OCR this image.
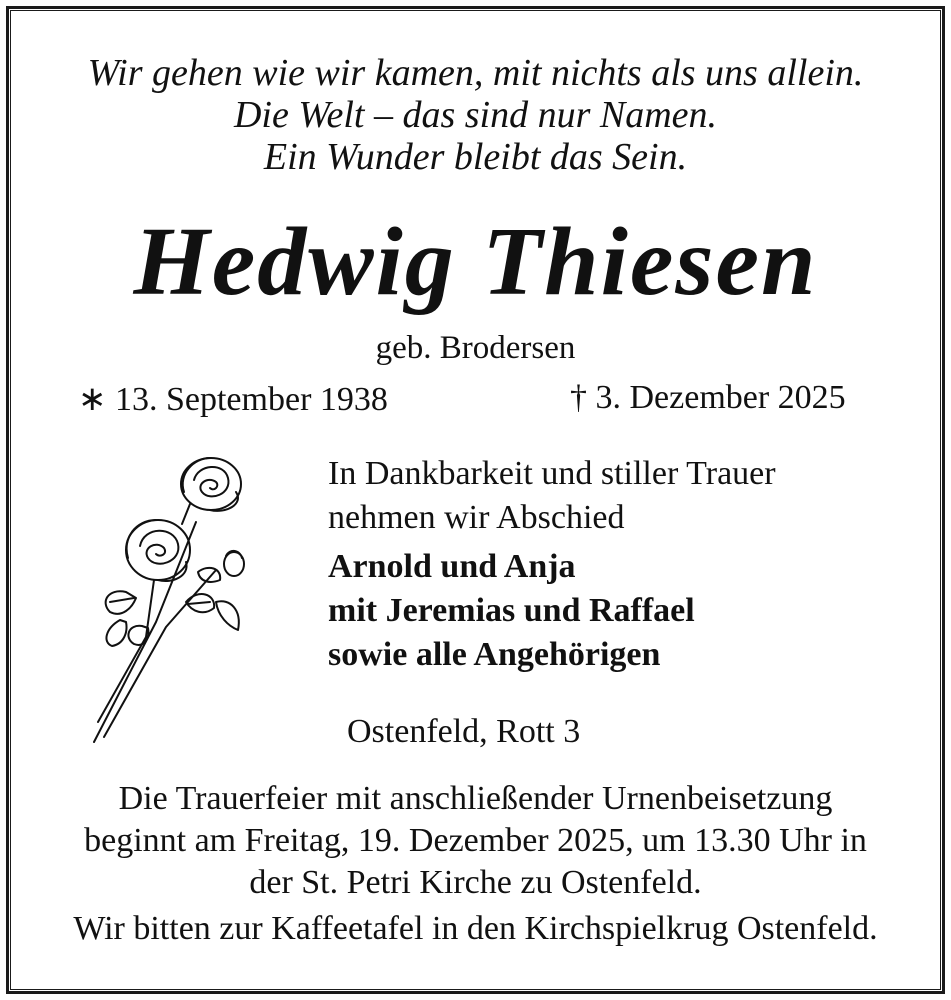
Wir gehen wie wir kamen, mit nichts als uns allein.
Die Welt – das sind nur Namen.
Ein Wunder bleibt das Sein.
Hedwig Thiesen
geb. Brodersen
∗ 13. September 1938	† 3. Dezember 2025
In Dankbarkeit und stiller Trauer
nehmen wir Abschied
Arnold und Anja
mit Jeremias und Raffael
sowie alle Angehörigen
Ostenfeld, Rott 3
Die Trauerfeier mit anschließender Urnenbeisetzung
beginnt am Freitag, 19. Dezember 2025, um 13.30 Uhr in
der St. Petri Kirche zu Ostenfeld.
Wir bitten zur Kaffeetafel in den Kirchspielkrug Ostenfeld.
